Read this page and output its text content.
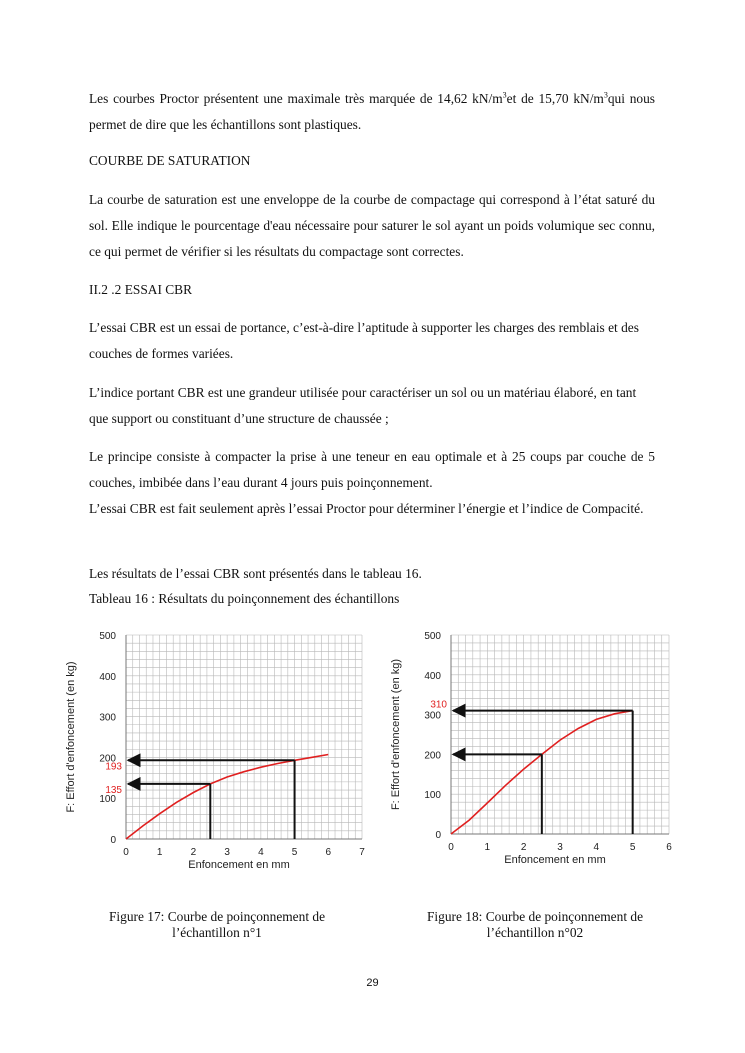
Les courbes Proctor présentent une maximale très marquée de 14,62 $kN/m^3et$ de 15,70 $kN/m^3qui$ nous permet de dire que les échantillons sont plastiques.

COURBE DE SATURATION

La courbe de saturation est une enveloppe de la courbe de compactage qui correspond à l’état saturé du sol. Elle indique le pourcentage d'eau nécessaire pour saturer le sol ayant un poids volumique sec connu, ce qui permet de vérifier si les résultats du compactage sont correctes.

II.2 .2 ESSAI CBR

L’essai CBR est un essai de portance, c’est-à-dire l’aptitude à supporter les charges des remblais et des couches de formes variées.

L’indice portant CBR est une grandeur utilisée pour caractériser un sol ou un matériau élaboré, en tant que support ou constituant d’une structure de chaussée ;

Le principe consiste à compacter la prise à une teneur en eau optimale et à 25 coups par couche de 5 couches, imbibée dans l’eau durant 4 jours puis poinçonnement.

L’essai CBR est fait seulement après l’essai Proctor pour déterminer l’énergie et l’indice de Compacité.

Les résultats de l’essai CBR sont présentés dans le tableau 16.

Tableau 16 : Résultats du poinçonnement des échantillons

0	1	2	3	4	5	6	7
0
100
200
300
400
500
Enfoncement en mm
F: Effort d'enfoncement (en kg)	135
193
0	1	2	3	4	5	6
0
100
200
300
400
500
Enfoncement en mm
F: Effort d'enfoncement (en kg)	310

Figure 17: Courbe de poinçonnement de l’échantillon n°1

Figure 18: Courbe de poinçonnement de l’échantillon n°02

29
